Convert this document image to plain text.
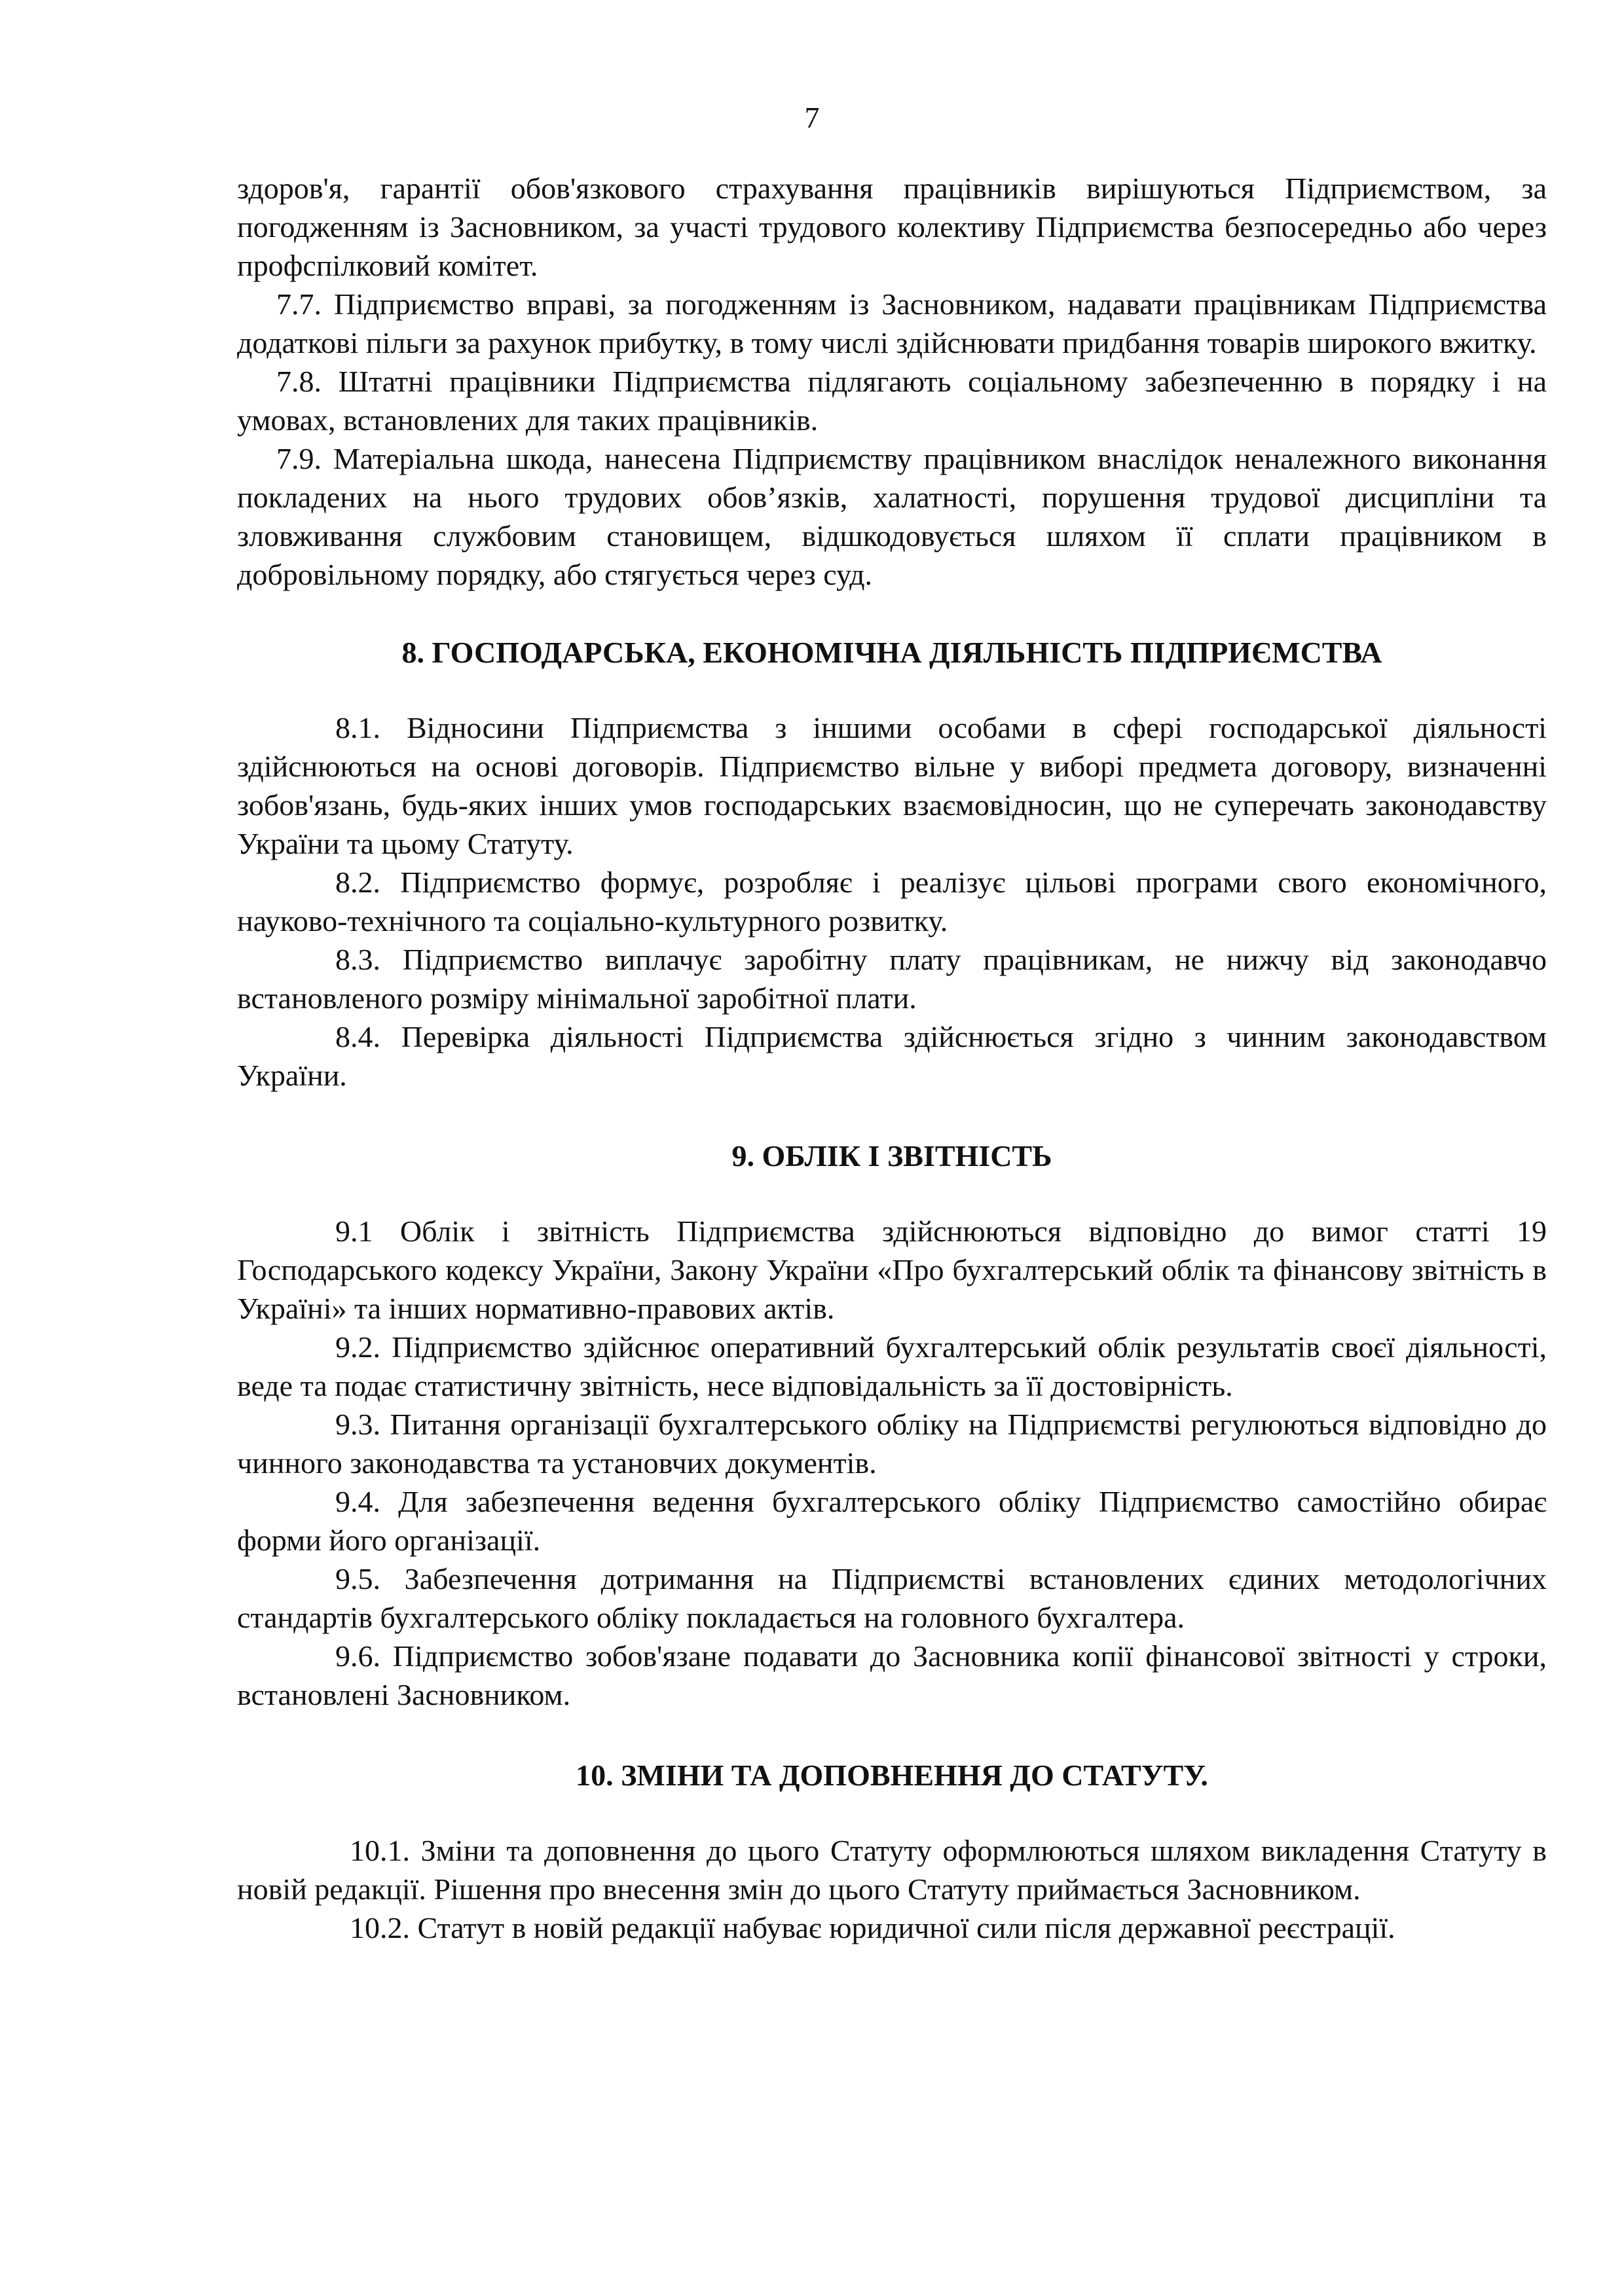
7

здоров'я, гарантії обов'язкового страхування працівників вирішуються Підприємством, за погодженням із Засновником, за участі трудового колективу Підприємства безпосередньо або через профспілковий комітет.

7.7. Підприємство вправі, за погодженням із Засновником, надавати працівникам Підприємства додаткові пільги за рахунок прибутку, в тому числі здійснювати придбання товарів широкого вжитку.

7.8. Штатні працівники Підприємства підлягають соціальному забезпеченню в порядку і на умовах, встановлених для таких працівників.

7.9. Матеріальна шкода, нанесена Підприємству працівником внаслідок неналежного виконання покладених на нього трудових обов’язків, халатності, порушення трудової дисципліни та зловживання службовим становищем, відшкодовується шляхом її сплати працівником в добровільному порядку, або стягується через суд.

8. ГОСПОДАРСЬКА, ЕКОНОМІЧНА ДІЯЛЬНІСТЬ ПІДПРИЄМСТВА

8.1. Відносини Підприємства з іншими особами в сфері господарської діяльності здійснюються на основі договорів. Підприємство вільне у виборі предмета договору, визначенні зобов'язань, будь-яких інших умов господарських взаємовідносин, що не суперечать законодавству України та цьому Статуту.

8.2. Підприємство формує, розробляє і реалізує цільові програми свого економічного, науково-технічного та соціально-культурного розвитку.

8.3. Підприємство виплачує заробітну плату працівникам, не нижчу від законодавчо встановленого розміру мінімальної заробітної плати.

8.4. Перевірка діяльності Підприємства здійснюється згідно з чинним законодавством України.

9. ОБЛІК І ЗВІТНІСТЬ

9.1 Облік і звітність Підприємства здійснюються відповідно до вимог статті 19 Господарського кодексу України, Закону України «Про бухгалтерський облік та фінансову звітність в Україні» та інших нормативно-правових актів.

9.2. Підприємство здійснює оперативний бухгалтерський облік результатів своєї діяльності, веде та подає статистичну звітність, несе відповідальність за її достовірність.

9.3. Питання організації бухгалтерського обліку на Підприємстві регулюються відповідно до чинного законодавства та установчих документів.

9.4. Для забезпечення ведення бухгалтерського обліку Підприємство самостійно обирає форми його організації.

9.5. Забезпечення дотримання на Підприємстві встановлених єдиних методологічних стандартів бухгалтерського обліку покладається на головного бухгалтера.

9.6. Підприємство зобов'язане подавати до Засновника копії фінансової звітності у строки, встановлені Засновником.

10. ЗМІНИ ТА ДОПОВНЕННЯ ДО СТАТУТУ.

10.1. Зміни та доповнення до цього Статуту оформлюються шляхом викладення Статуту в новій редакції. Рішення про внесення змін до цього Статуту приймається Засновником.

10.2. Статут в новій редакції набуває юридичної сили після державної реєстрації.
